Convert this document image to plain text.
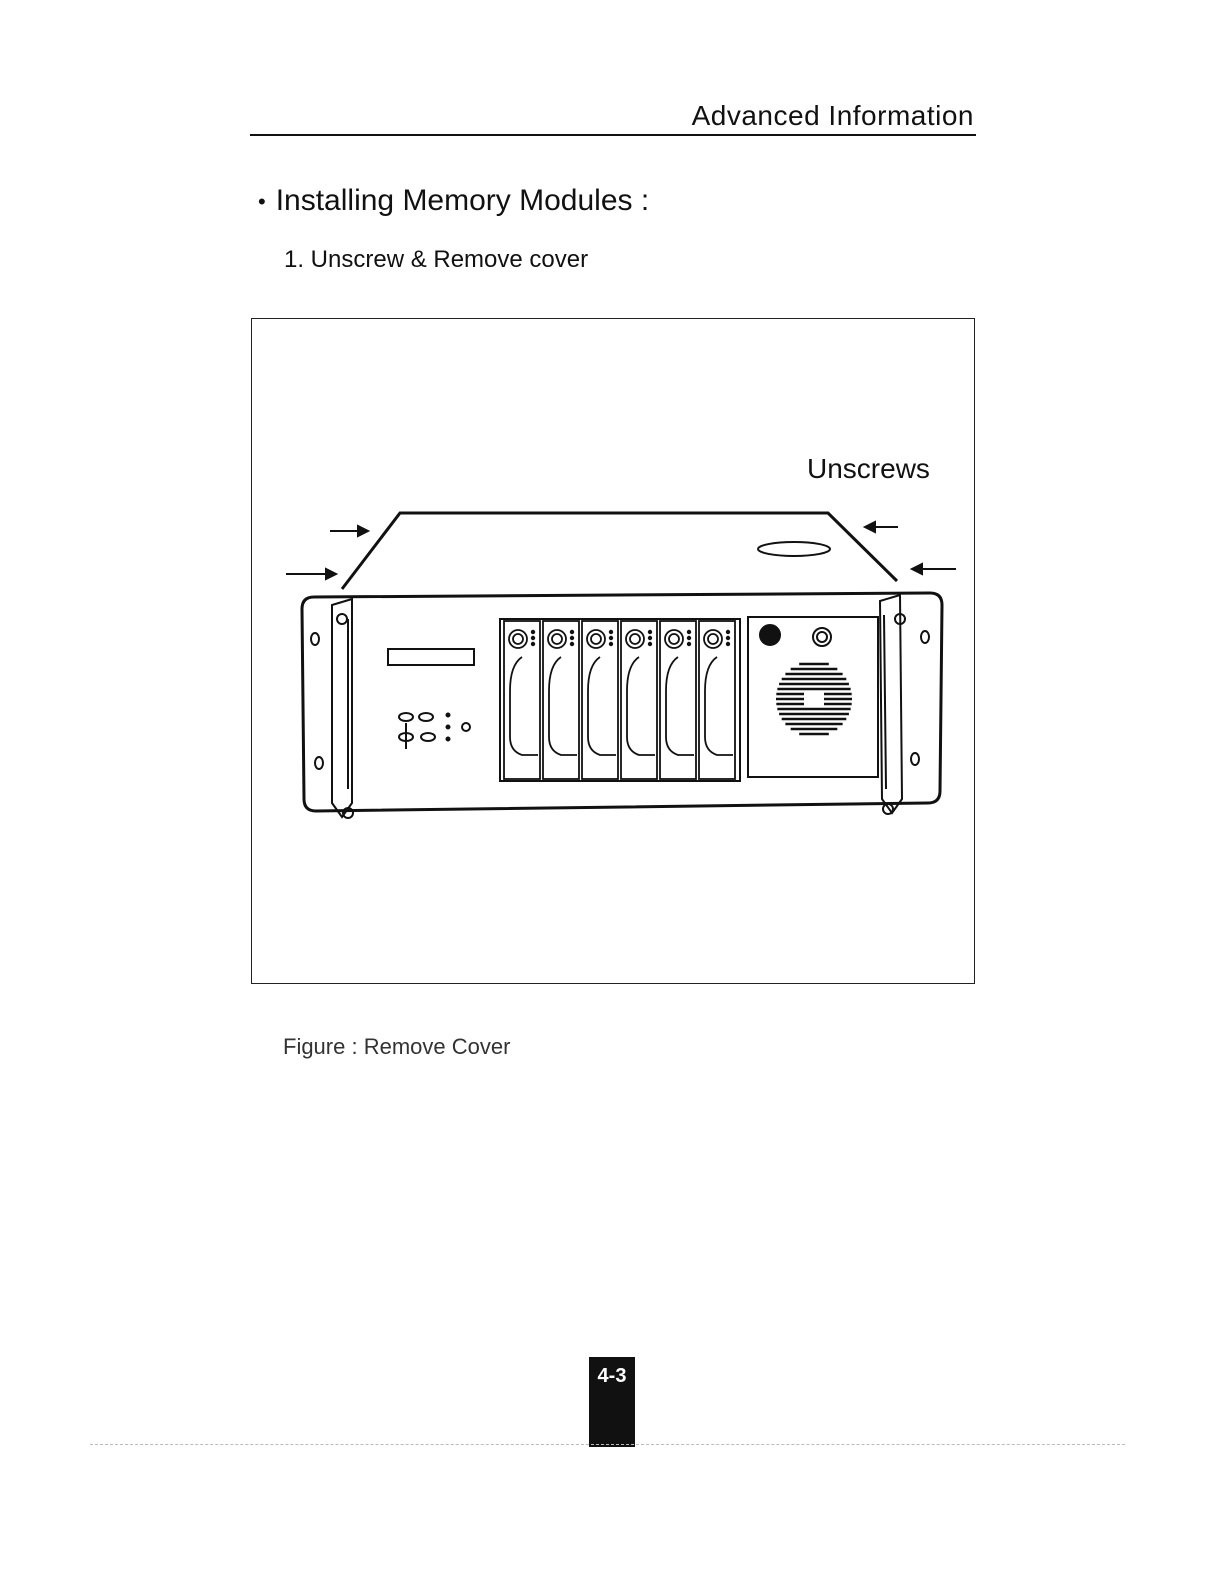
Advanced Information
• Installing Memory Modules :
1. Unscrew & Remove cover
Unscrews
Figure : Remove Cover
4-3
